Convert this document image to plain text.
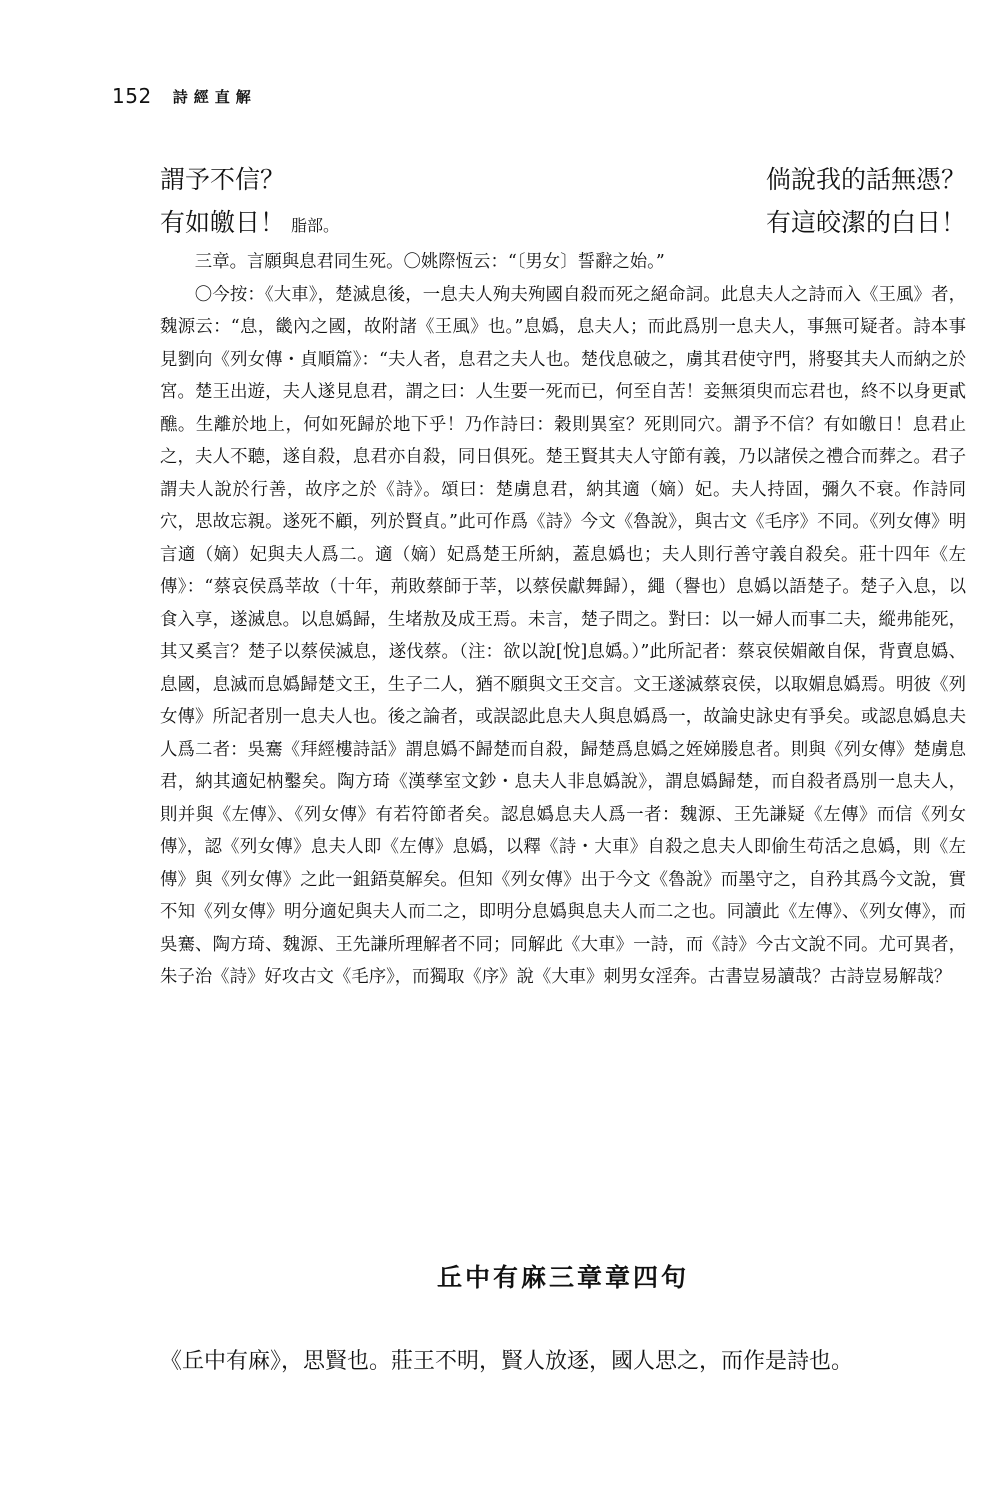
152 詩經直解
謂予不信？	倘說我的話無憑？
有如皦日！ 脂部。	有這皎潔的白日！

三章。言願與息君同生死。〇姚際恆云：“〔男女〕誓辭之始。”

〇今按：《大車》，楚滅息後，一息夫人殉夫殉國自殺而死之絕命詞。此息夫人之詩而入《王風》者，魏源云：“息，畿內之國，故附諸《王風》也。”息嬀，息夫人；而此爲別一息夫人，事無可疑者。詩本事見劉向《列女傳・貞順篇》：“夫人者，息君之夫人也。楚伐息破之，虜其君使守門，將娶其夫人而納之於宮。楚王出遊，夫人遂見息君，謂之曰：人生要一死而已，何至自苦！妾無須臾而忘君也，終不以身更貳醮。生離於地上，何如死歸於地下乎！乃作詩曰：穀則異室？死則同穴。謂予不信？有如皦日！息君止之，夫人不聽，遂自殺，息君亦自殺，同日俱死。楚王賢其夫人守節有義，乃以諸侯之禮合而葬之。君子謂夫人說於行善，故序之於《詩》。頌曰：楚虜息君，納其適（嫡）妃。夫人持固，彌久不衰。作詩同穴，思故忘親。遂死不顧，列於賢貞。”此可作爲《詩》今文《魯說》，與古文《毛序》不同。《列女傳》明言適（嫡）妃與夫人爲二。適（嫡）妃爲楚王所納，蓋息嬀也；夫人則行善守義自殺矣。莊十四年《左傳》：“蔡哀侯爲莘故（十年，荊敗蔡師于莘，以蔡侯獻舞歸），繩（譽也）息嬀以語楚子。楚子入息，以食入享，遂滅息。以息嬀歸，生堵敖及成王焉。未言，楚子問之。對曰：以一婦人而事二夫，縱弗能死，其又奚言？楚子以蔡侯滅息，遂伐蔡。（注：欲以說[悅]息嬀。）”此所記者：蔡哀侯媚敵自保，背賣息嬀、息國，息滅而息嬀歸楚文王，生子二人，猶不願與文王交言。文王遂滅蔡哀侯，以取媚息嬀焉。明彼《列女傳》所記者別一息夫人也。後之論者，或誤認此息夫人與息嬀爲一，故論史詠史有爭矣。或認息嬀息夫人爲二者：吳騫《拜經樓詩話》謂息嬀不歸楚而自殺，歸楚爲息嬀之姪娣媵息者。則與《列女傳》楚虜息君，納其適妃枘鑿矣。陶方琦《漢孳室文鈔・息夫人非息嬀說》，謂息嬀歸楚，而自殺者爲別一息夫人，則并與《左傳》、《列女傳》有若符節者矣。認息嬀息夫人爲一者：魏源、王先謙疑《左傳》而信《列女傳》，認《列女傳》息夫人即《左傳》息嬀，以釋《詩・大車》自殺之息夫人即偷生苟活之息嬀，則《左傳》與《列女傳》之此一鉏鋙莫解矣。但知《列女傳》出于今文《魯說》而墨守之，自矜其爲今文說，實不知《列女傳》明分適妃與夫人而二之，即明分息嬀與息夫人而二之也。同讀此《左傳》、《列女傳》，而吳騫、陶方琦、魏源、王先謙所理解者不同；同解此《大車》一詩，而《詩》今古文說不同。尤可異者，朱子治《詩》好攻古文《毛序》，而獨取《序》說《大車》刺男女淫奔。古書豈易讀哉？古詩豈易解哉？

丘中有麻三章章四句
《丘中有麻》，思賢也。莊王不明，賢人放逐，國人思之，而作是詩也。
